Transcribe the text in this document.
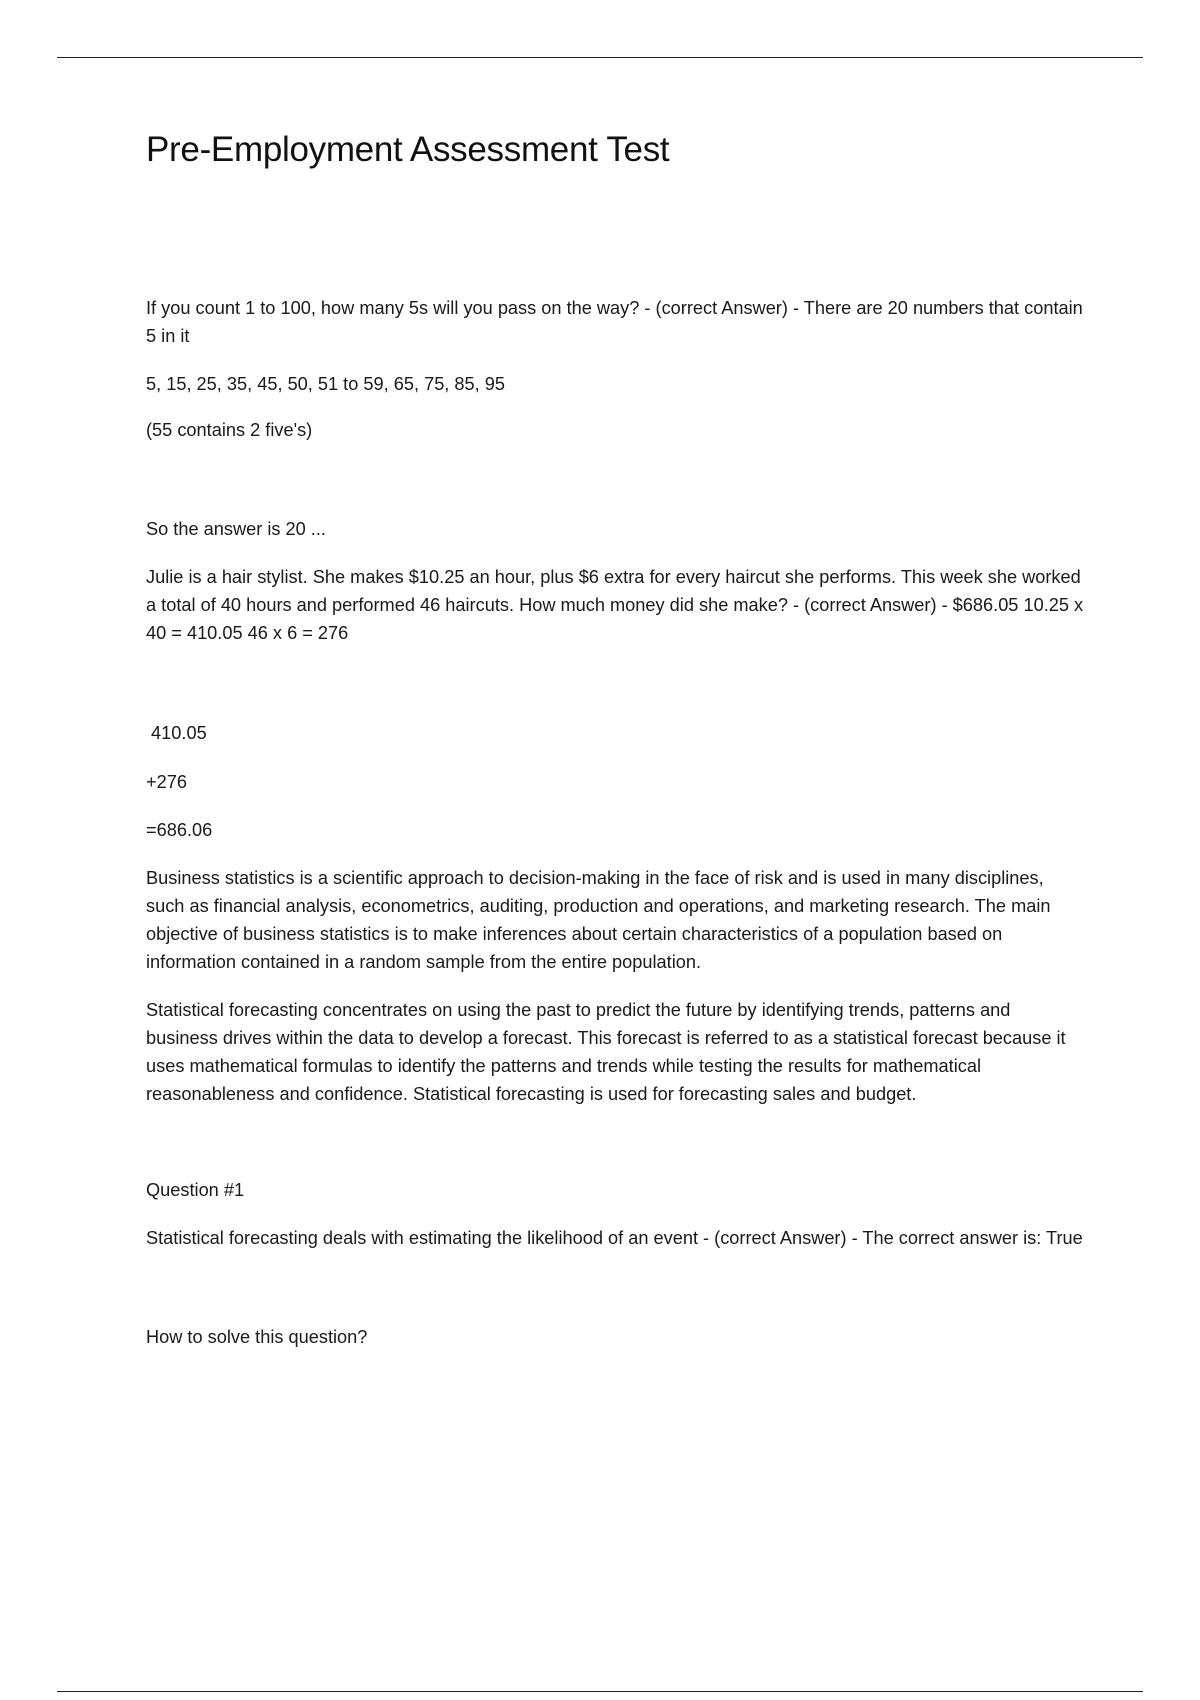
Pre-Employment Assessment Test

If you count 1 to 100, how many 5s will you pass on the way? - (correct Answer) - There are 20 numbers that contain 5 in it

5, 15, 25, 35, 45, 50, 51 to 59, 65, 75, 85, 95

(55 contains 2 five's)

So the answer is 20 ...

Julie is a hair stylist. She makes $10.25 an hour, plus $6 extra for every haircut she performs. This week she worked a total of 40 hours and performed 46 haircuts. How much money did she make? - (correct Answer) - $686.05 10.25 x 40 = 410.05 46 x 6 = 276

410.05

+276

=686.06

Business statistics is a scientific approach to decision-making in the face of risk and is used in many disciplines, such as financial analysis, econometrics, auditing, production and operations, and marketing research. The main objective of business statistics is to make inferences about certain characteristics of a population based on information contained in a random sample from the entire population.

Statistical forecasting concentrates on using the past to predict the future by identifying trends, patterns and business drives within the data to develop a forecast. This forecast is referred to as a statistical forecast because it uses mathematical formulas to identify the patterns and trends while testing the results for mathematical reasonableness and confidence. Statistical forecasting is used for forecasting sales and budget.

Question #1

Statistical forecasting deals with estimating the likelihood of an event - (correct Answer) - The correct answer is: True

How to solve this question?
